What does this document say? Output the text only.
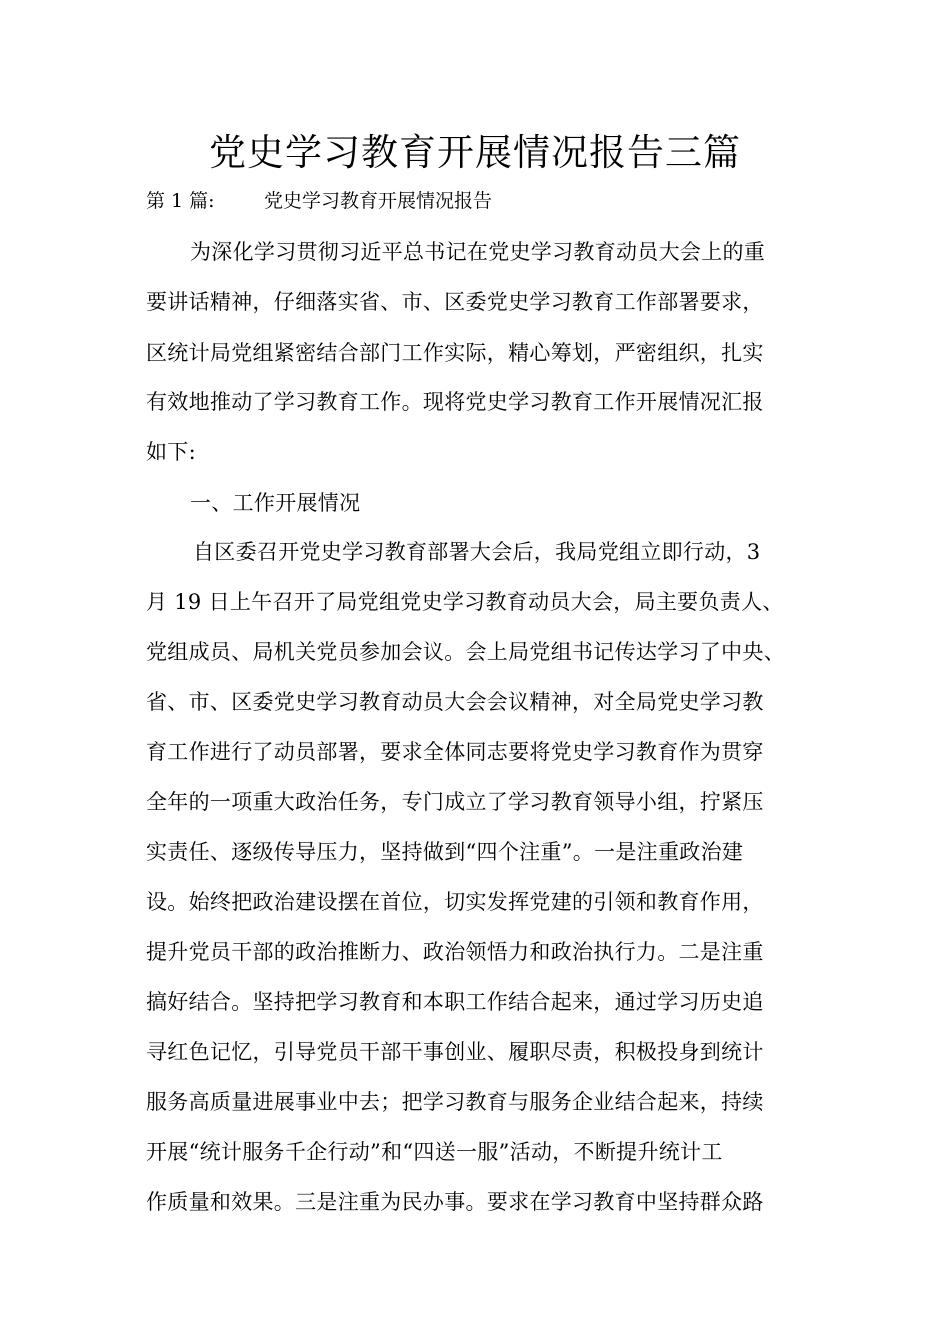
党史学习教育开展情况报告三篇
第 1 篇:	党史学习教育开展情况报告
为深化学习贯彻习近平总书记在党史学习教育动员大会上的重
要讲话精神，仔细落实省、市、区委党史学习教育工作部署要求，
区统计局党组紧密结合部门工作实际，精心筹划，严密组织，扎实
有效地推动了学习教育工作。现将党史学习教育工作开展情况汇报
如下:
一、工作开展情况
自区委召开党史学习教育部署大会后，我局党组立即行动，3
月 19 日上午召开了局党组党史学习教育动员大会，局主要负责人、
党组成员、局机关党员参加会议。会上局党组书记传达学习了中央、
省、市、区委党史学习教育动员大会会议精神，对全局党史学习教
育工作进行了动员部署，要求全体同志要将党史学习教育作为贯穿
全年的一项重大政治任务，专门成立了学习教育领导小组，拧紧压
实责任、逐级传导压力，坚持做到“四个注重”。一是注重政治建
设。始终把政治建设摆在首位，切实发挥党建的引领和教育作用，
提升党员干部的政治推断力、政治领悟力和政治执行力。二是注重
搞好结合。坚持把学习教育和本职工作结合起来，通过学习历史追
寻红色记忆，引导党员干部干事创业、履职尽责，积极投身到统计
服务高质量进展事业中去；把学习教育与服务企业结合起来，持续
开展“统计服务千企行动”和“四送一服”活动，不断提升统计工
作质量和效果。三是注重为民办事。要求在学习教育中坚持群众路
